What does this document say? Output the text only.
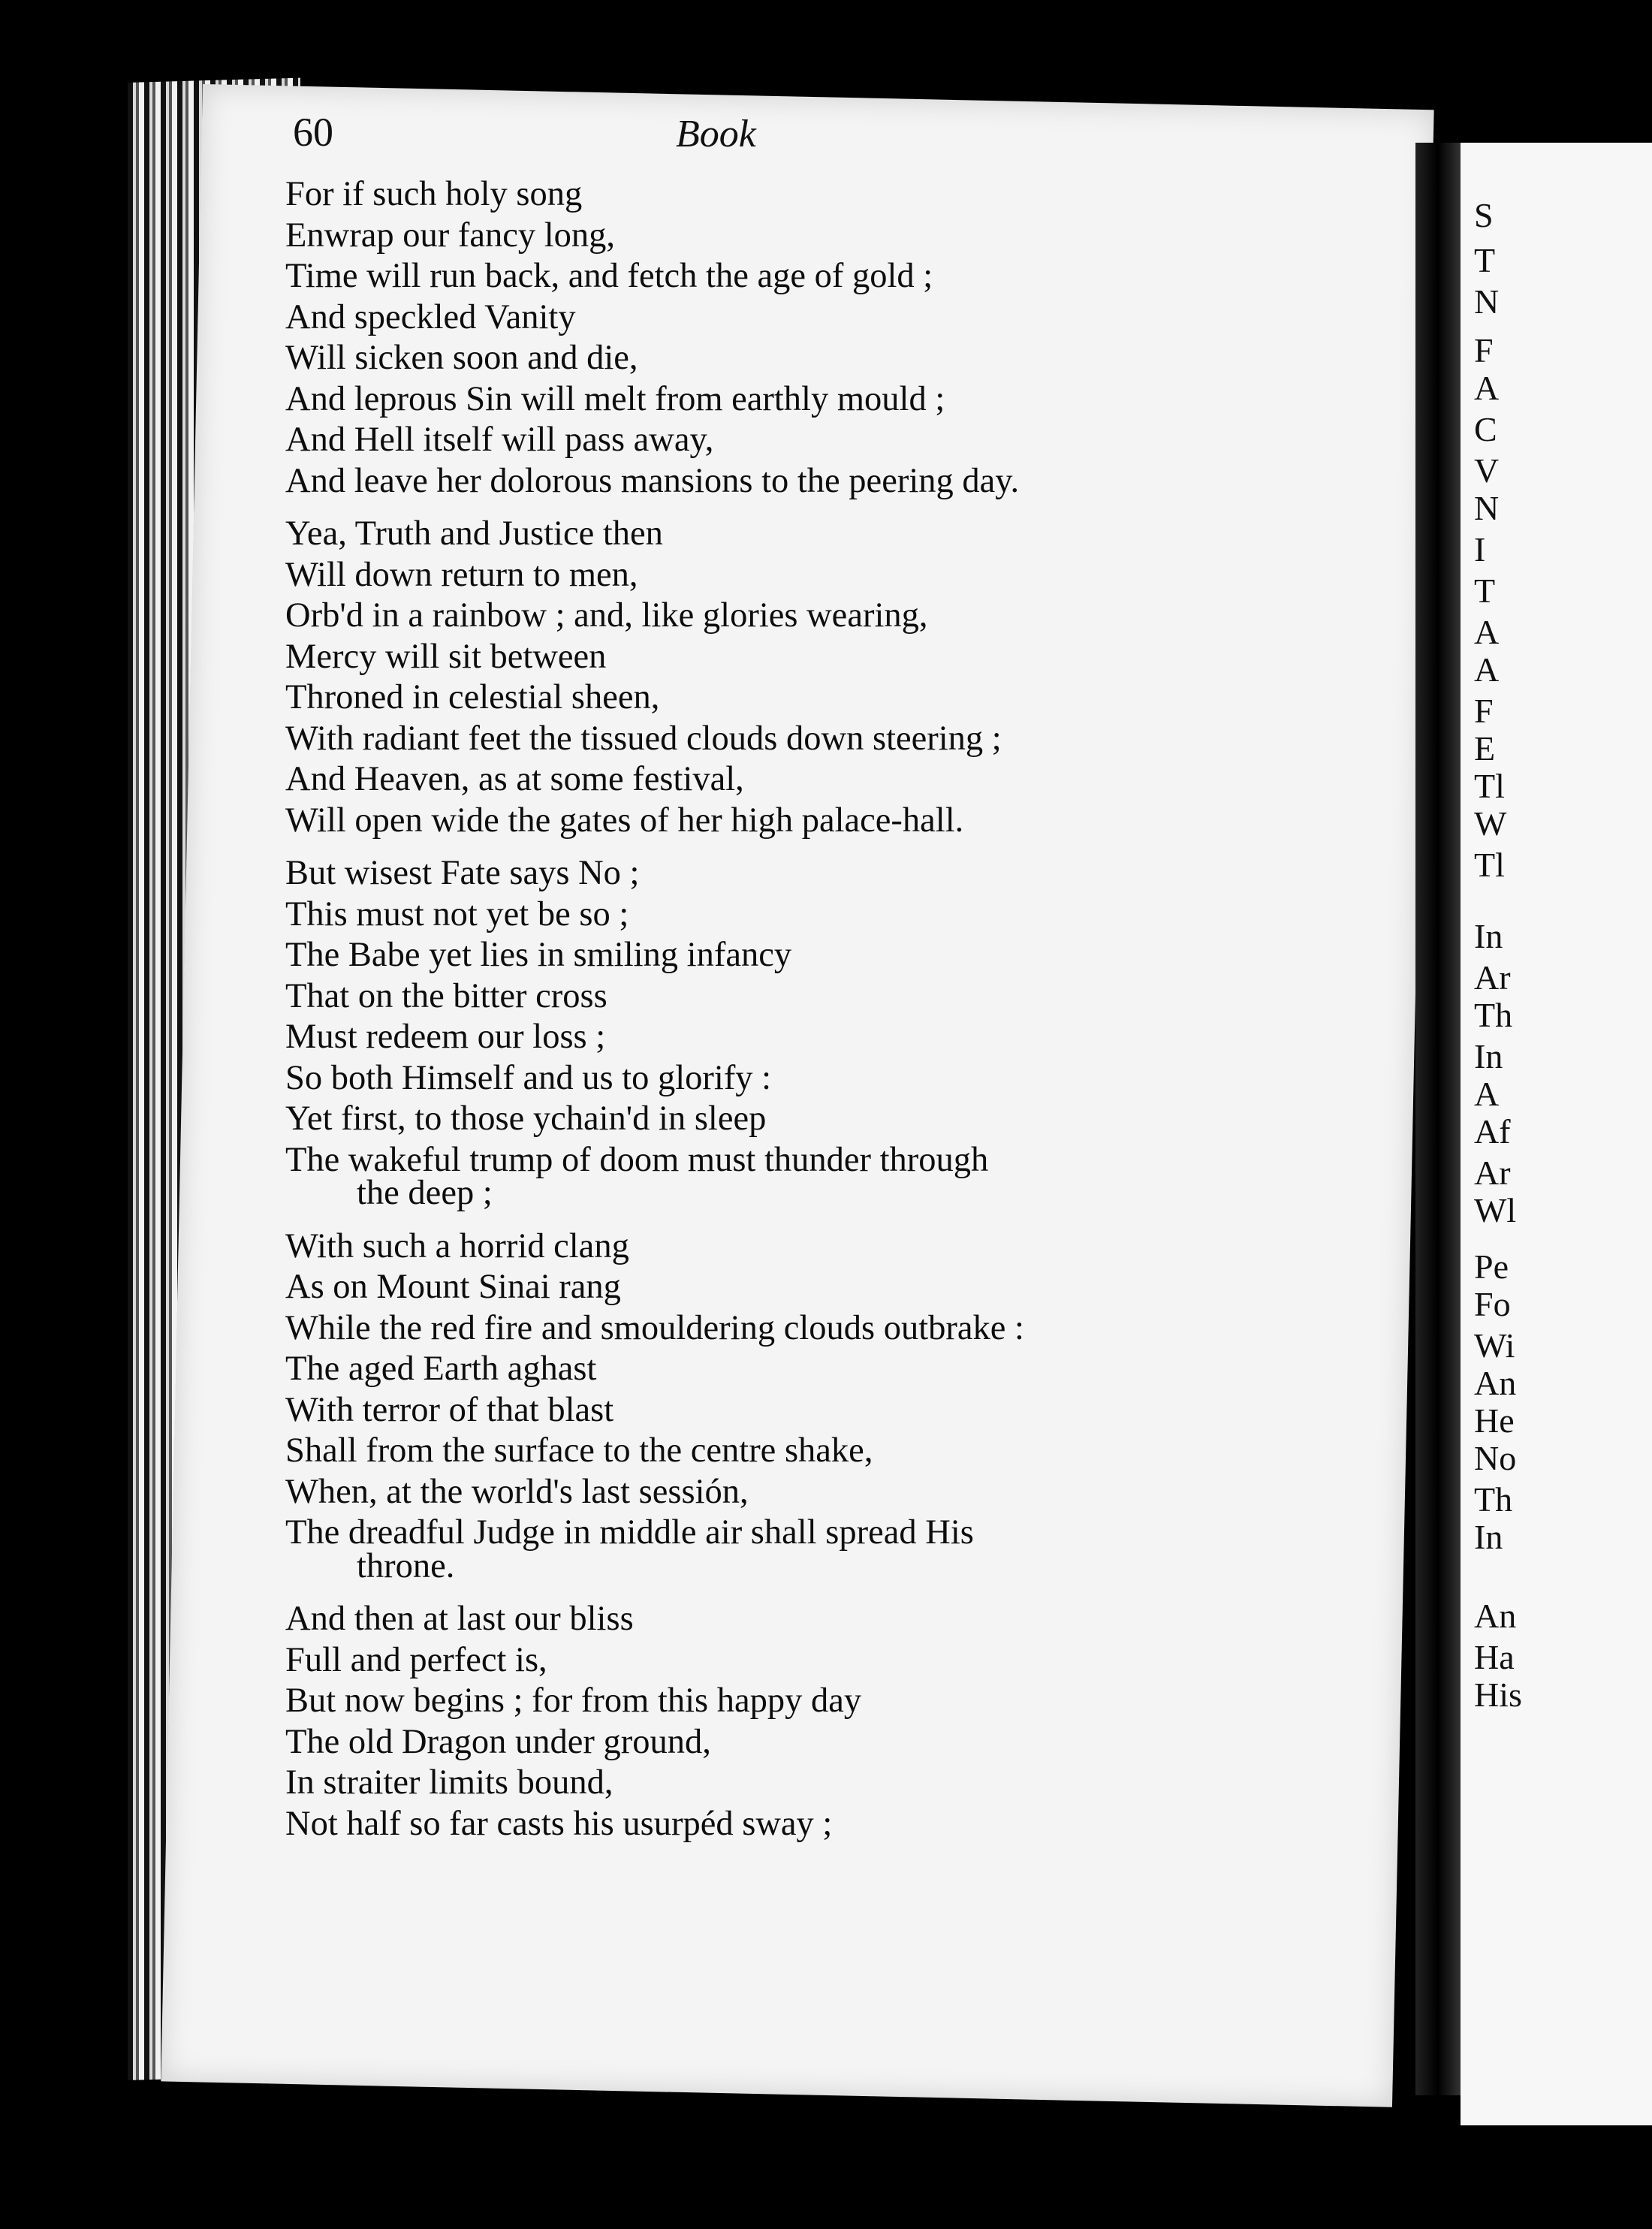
S
T
N
F
A
C
V
N
I
T
A
A
F
E
Tl
W
Tl
In
Ar
Th
In
A
Af
Ar
Wl
Pe
Fo
Wi
An
He
No
Th
In
An
Ha
His
60	Book
For if such holy song
Enwrap our fancy long,
Time will run back, and fetch the age of gold ;
And speckled Vanity
Will sicken soon and die,
And leprous Sin will melt from earthly mould ;
And Hell itself will pass away,
And leave her dolorous mansions to the peering day.
Yea, Truth and Justice then
Will down return to men,
Orb'd in a rainbow ; and, like glories wearing,
Mercy will sit between
Throned in celestial sheen,
With radiant feet the tissued clouds down steering ;
And Heaven, as at some festival,
Will open wide the gates of her high palace-hall.
But wisest Fate says No ;
This must not yet be so ;
The Babe yet lies in smiling infancy
That on the bitter cross
Must redeem our loss ;
So both Himself and us to glorify :
Yet first, to those ychain'd in sleep
The wakeful trump of doom must thunder through
the deep ;
With such a horrid clang
As on Mount Sinai rang
While the red fire and smouldering clouds outbrake :
The aged Earth aghast
With terror of that blast
Shall from the surface to the centre shake,
When, at the world's last sessión,
The dreadful Judge in middle air shall spread His
throne.
And then at last our bliss
Full and perfect is,
But now begins ; for from this happy day
The old Dragon under ground,
In straiter limits bound,
Not half so far casts his usurpéd sway ;
